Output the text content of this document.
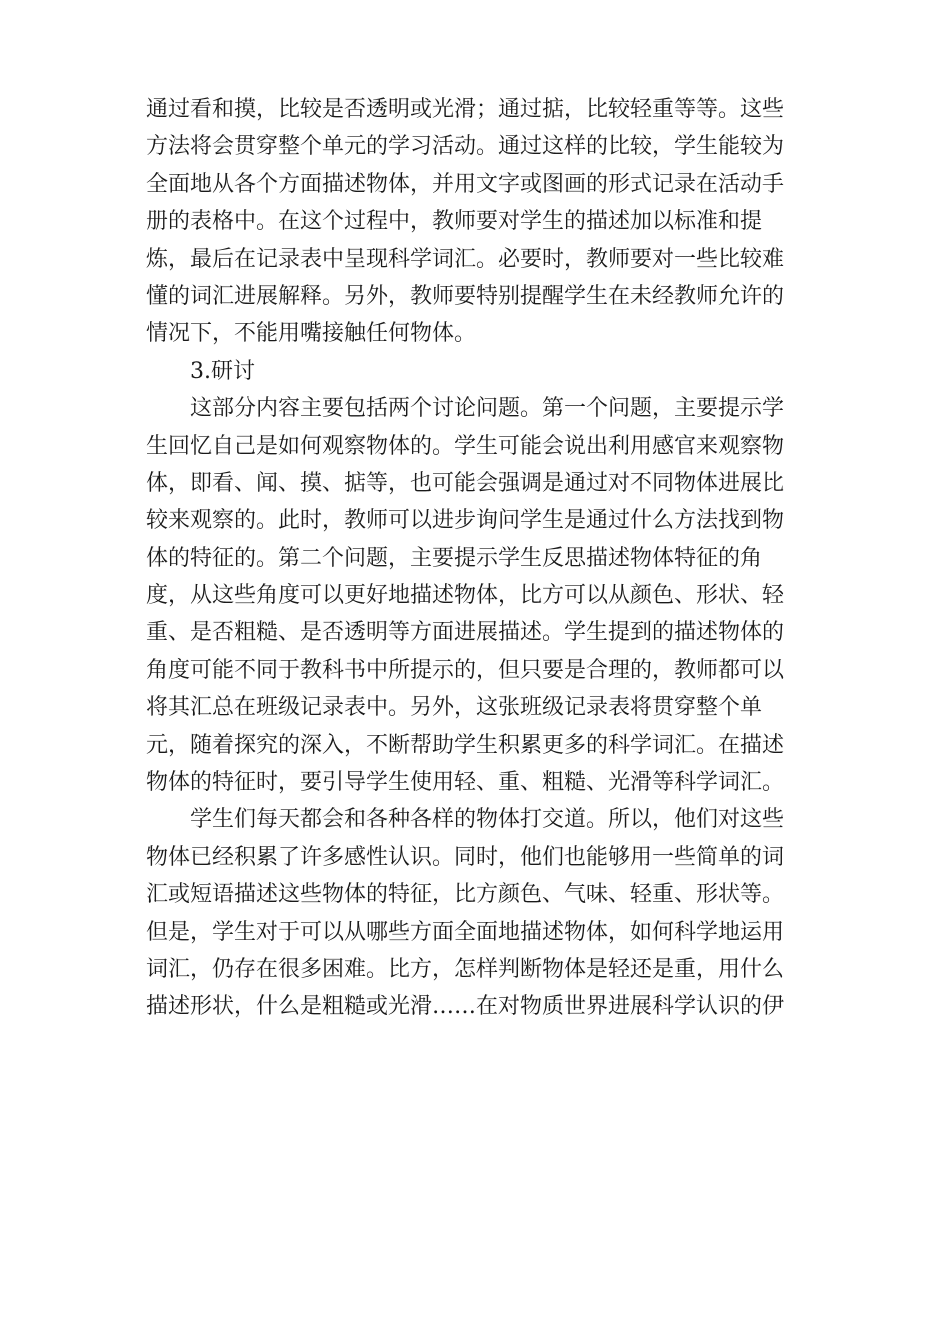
通过看和摸，比较是否透明或光滑；通过掂，比较轻重等等。这些
方法将会贯穿整个单元的学习活动。通过这样的比较，学生能较为
全面地从各个方面描述物体，并用文字或图画的形式记录在活动手
册的表格中。在这个过程中，教师要对学生的描述加以标准和提
炼，最后在记录表中呈现科学词汇。必要时，教师要对一些比较难
懂的词汇进展解释。另外，教师要特别提醒学生在未经教师允许的
情况下，不能用嘴接触任何物体。
3.研讨
这部分内容主要包括两个讨论问题。第一个问题，主要提示学
生回忆自己是如何观察物体的。学生可能会说出利用感官来观察物
体，即看、闻、摸、掂等，也可能会强调是通过对不同物体进展比
较来观察的。此时，教师可以进步询问学生是通过什么方法找到物
体的特征的。第二个问题，主要提示学生反思描述物体特征的角
度，从这些角度可以更好地描述物体，比方可以从颜色、形状、轻
重、是否粗糙、是否透明等方面进展描述。学生提到的描述物体的
角度可能不同于教科书中所提示的，但只要是合理的，教师都可以
将其汇总在班级记录表中。另外，这张班级记录表将贯穿整个单
元，随着探究的深入，不断帮助学生积累更多的科学词汇。在描述
物体的特征时，要引导学生使用轻、重、粗糙、光滑等科学词汇。
学生们每天都会和各种各样的物体打交道。所以，他们对这些
物体已经积累了许多感性认识。同时，他们也能够用一些简单的词
汇或短语描述这些物体的特征，比方颜色、气味、轻重、形状等。
但是，学生对于可以从哪些方面全面地描述物体，如何科学地运用
词汇，仍存在很多困难。比方，怎样判断物体是轻还是重，用什么
描述形状，什么是粗糙或光滑……在对物质世界进展科学认识的伊
